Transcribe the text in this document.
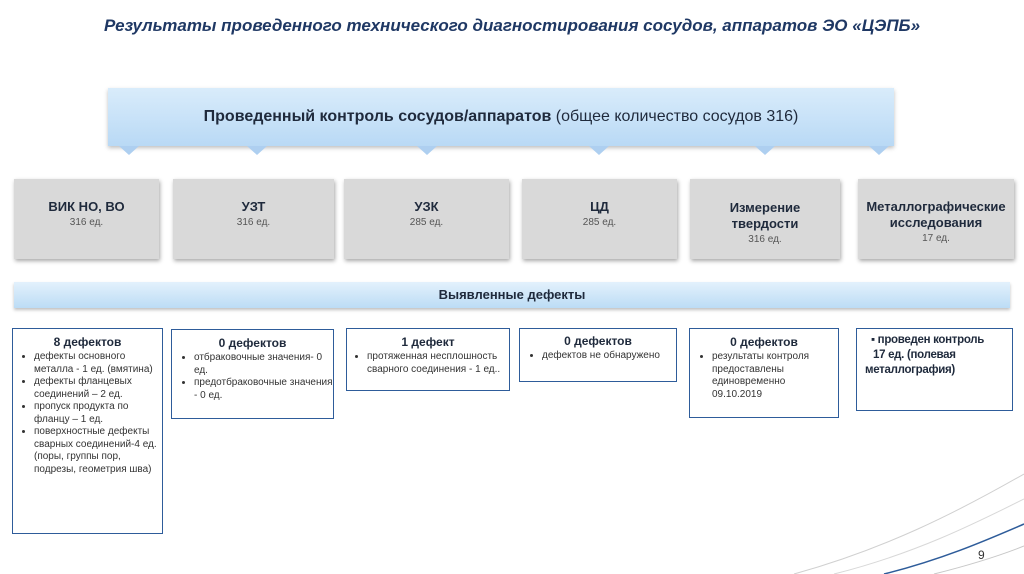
Результаты проведенного технического диагностирования сосудов, аппаратов ЭО «ЦЭПБ»
Проведенный контроль сосудов/аппаратов (общее количество сосудов 316)
ВИК НО, ВО
316 ед.
УЗТ
316 ед.
УЗК
285 ед.
ЦД
285 ед.
Измерение твердости
316 ед.
Металлографические исследования
17 ед.
Выявленные дефекты
8 дефектов
• дефекты основного металла - 1 ед. (вмятина)
• дефекты фланцевых соединений – 2 ед.
• пропуск продукта по фланцу – 1 ед.
• поверхностные дефекты сварных соединений-4 ед. (поры, группы пор, подрезы, геометрия шва)
0 дефектов
• отбраковочные значения- 0 ед.
• предотбраковочные значения - 0 ед.
1 дефект
• протяженная несплошность сварного соединения - 1 ед..
0 дефектов
• дефектов не обнаружено
0 дефектов
• результаты контроля предоставлены единовременно
09.10.2019
▪ проведен контроль
17 ед. (полевая
металлография)
9
